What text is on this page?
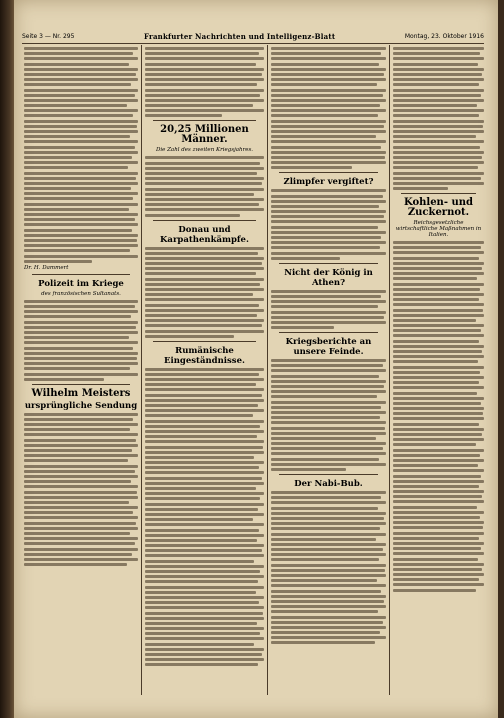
Seite 3 — Nr. 295	Frankfurter Nachrichten und Intelligenz-Blatt	Montag, 23. Oktober 1916
Dr. H. Dammert
Polizeit im Kriege
des französischen Sultanats.
Wilhelm Meisters
ursprüngliche Sendung
20,25 Millionen Männer.
Die Zahl des zweiten Kriegsjahres.
Donau und Karpathenkämpfe.
Rumänische Eingeständnisse.
Zlimpfer vergiftet?
Nicht der König in Athen?
Kriegsberichte an unsere Feinde.
Der Nabi-Bub.
Kohlen- und Zuckernot.
Reichsgesetzliche wirtschaftliche Maßnahmen in Italien.
